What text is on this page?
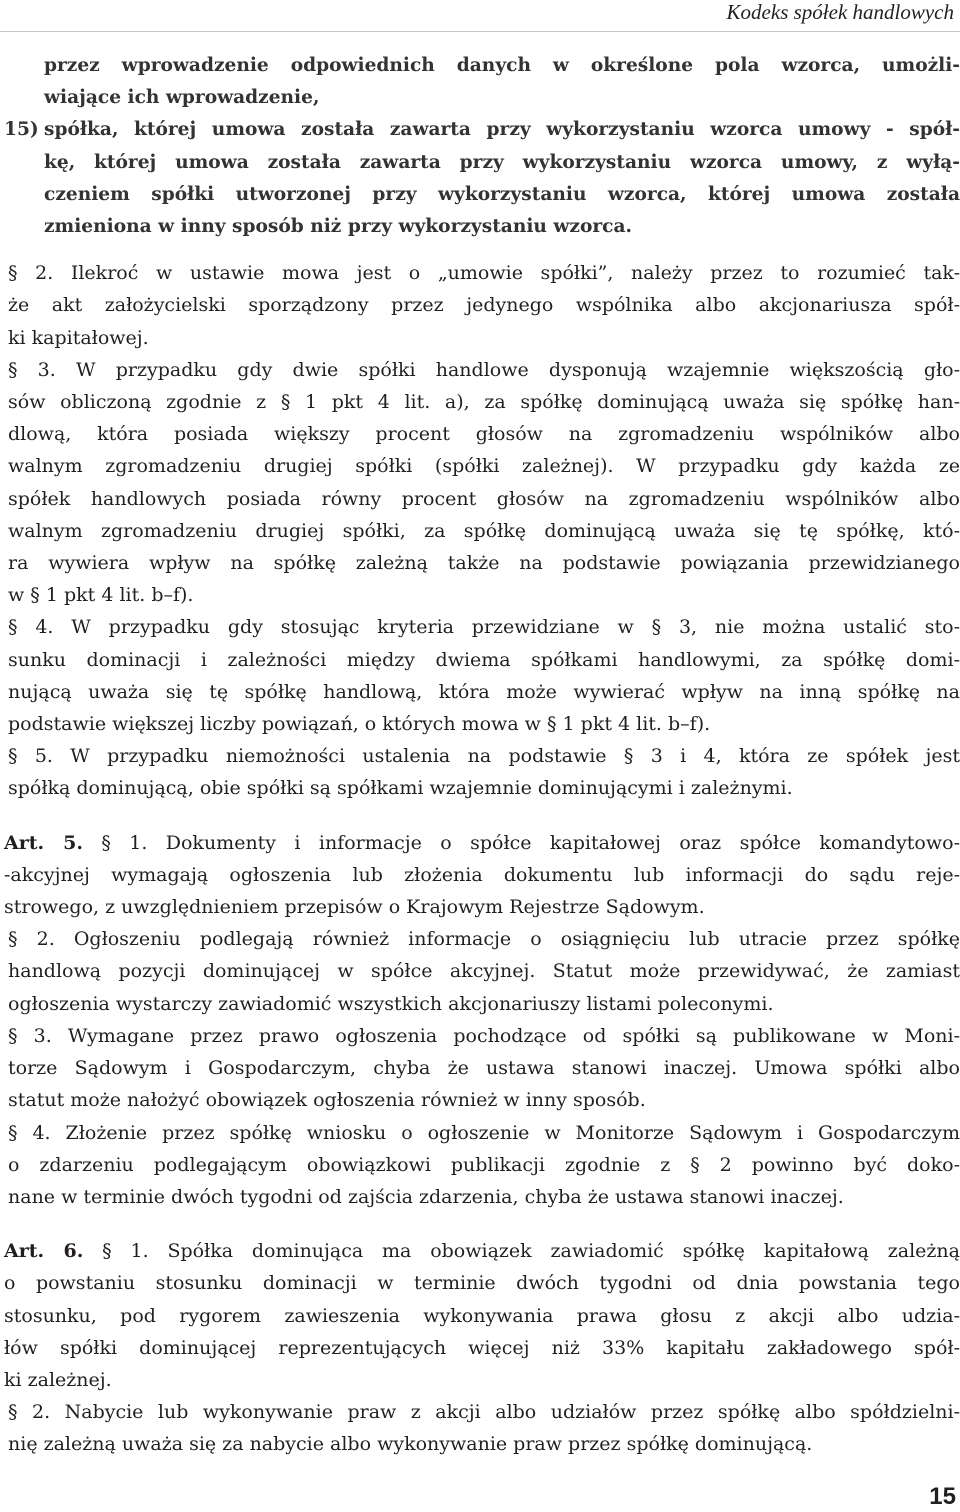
Kodeks spółek handlowych
przez wprowadzenie odpowiednich danych w określone pola wzorca, umożli-
wiające ich wprowadzenie,
15) spółka, której umowa została zawarta przy wykorzystaniu wzorca umowy - spół-
kę, której umowa została zawarta przy wykorzystaniu wzorca umowy, z wyłą-
czeniem spółki utworzonej przy wykorzystaniu wzorca, której umowa została
zmieniona w inny sposób niż przy wykorzystaniu wzorca.
§ 2. Ilekroć w ustawie mowa jest o „umowie spółki”, należy przez to rozumieć tak-
że akt założycielski sporządzony przez jedynego wspólnika albo akcjonariusza spół-
ki kapitałowej.
§ 3. W przypadku gdy dwie spółki handlowe dysponują wzajemnie większością gło-
sów obliczoną zgodnie z § 1 pkt 4 lit. a), za spółkę dominującą uważa się spółkę han-
dlową, która posiada większy procent głosów na zgromadzeniu wspólników albo
walnym zgromadzeniu drugiej spółki (spółki zależnej). W przypadku gdy każda ze
spółek handlowych posiada równy procent głosów na zgromadzeniu wspólników albo
walnym zgromadzeniu drugiej spółki, za spółkę dominującą uważa się tę spółkę, któ-
ra wywiera wpływ na spółkę zależną także na podstawie powiązania przewidzianego
w § 1 pkt 4 lit. b–f).
§ 4. W przypadku gdy stosując kryteria przewidziane w § 3, nie można ustalić sto-
sunku dominacji i zależności między dwiema spółkami handlowymi, za spółkę domi-
nującą uważa się tę spółkę handlową, która może wywierać wpływ na inną spółkę na
podstawie większej liczby powiązań, o których mowa w § 1 pkt 4 lit. b–f).
§ 5. W przypadku niemożności ustalenia na podstawie § 3 i 4, która ze spółek jest
spółką dominującą, obie spółki są spółkami wzajemnie dominującymi i zależnymi.
Art. 5. § 1. Dokumenty i informacje o spółce kapitałowej oraz spółce komandytowo-
-akcyjnej wymagają ogłoszenia lub złożenia dokumentu lub informacji do sądu reje-
strowego, z uwzględnieniem przepisów o Krajowym Rejestrze Sądowym.
§ 2. Ogłoszeniu podlegają również informacje o osiągnięciu lub utracie przez spółkę
handlową pozycji dominującej w spółce akcyjnej. Statut może przewidywać, że zamiast
ogłoszenia wystarczy zawiadomić wszystkich akcjonariuszy listami poleconymi.
§ 3. Wymagane przez prawo ogłoszenia pochodzące od spółki są publikowane w Moni-
torze Sądowym i Gospodarczym, chyba że ustawa stanowi inaczej. Umowa spółki albo
statut może nałożyć obowiązek ogłoszenia również w inny sposób.
§ 4. Złożenie przez spółkę wniosku o ogłoszenie w Monitorze Sądowym i Gospodarczym
o zdarzeniu podlegającym obowiązkowi publikacji zgodnie z § 2 powinno być doko-
nane w terminie dwóch tygodni od zajścia zdarzenia, chyba że ustawa stanowi inaczej.
Art. 6. § 1. Spółka dominująca ma obowiązek zawiadomić spółkę kapitałową zależną
o powstaniu stosunku dominacji w terminie dwóch tygodni od dnia powstania tego
stosunku, pod rygorem zawieszenia wykonywania prawa głosu z akcji albo udzia-
łów spółki dominującej reprezentujących więcej niż 33% kapitału zakładowego spół-
ki zależnej.
§ 2. Nabycie lub wykonywanie praw z akcji albo udziałów przez spółkę albo spółdzielni-
nię zależną uważa się za nabycie albo wykonywanie praw przez spółkę dominującą.
15
